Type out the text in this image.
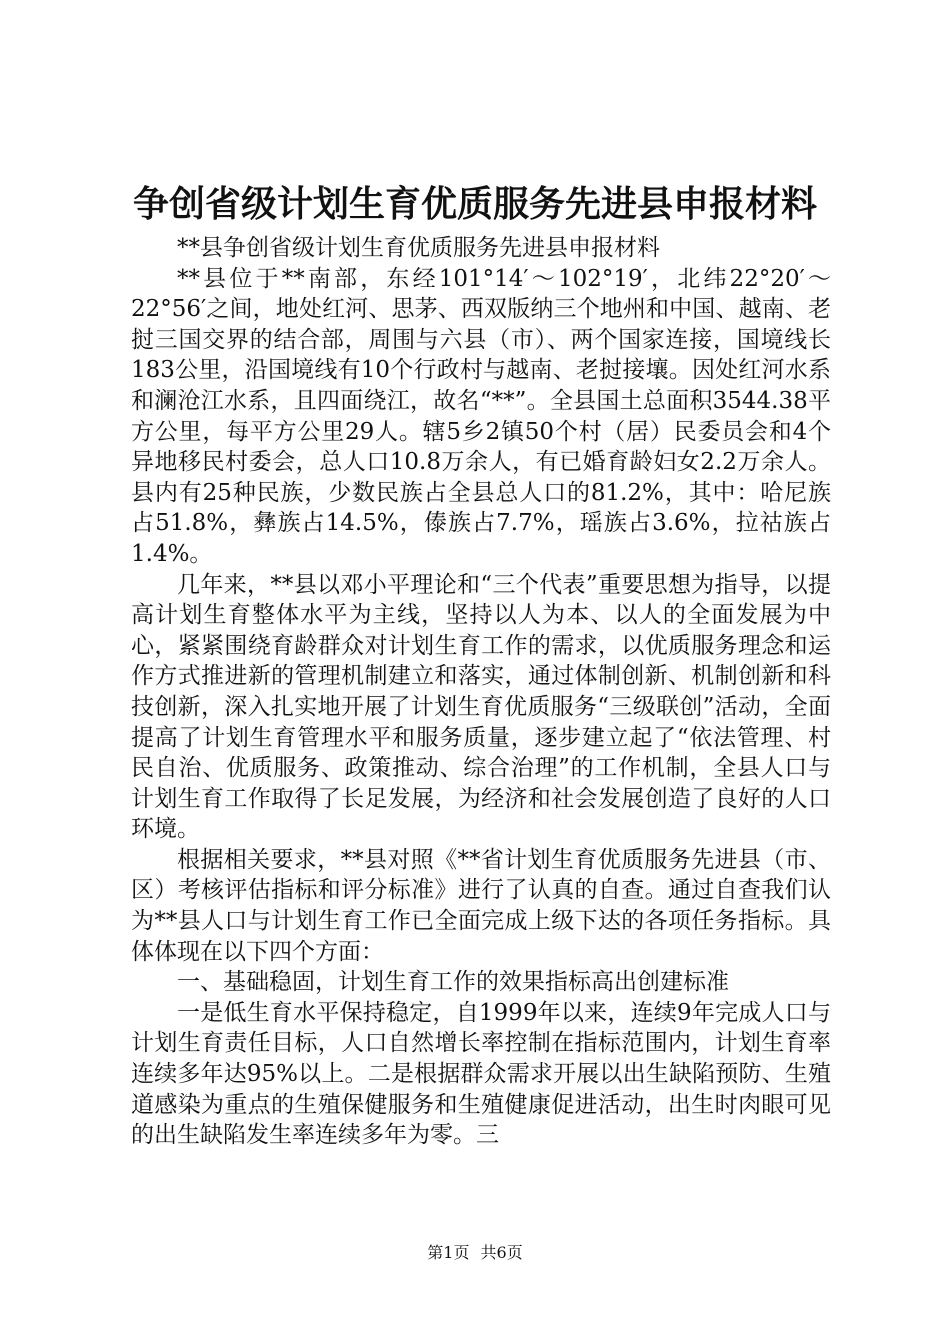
争创省级计划生育优质服务先进县申报材料

**县争创省级计划生育优质服务先进县申报材料

**县位于**南部，东经101°14′～102°19′，北纬22°20′～22°56′之间，地处红河、思茅、西双版纳三个地州和中国、越南、老挝三国交界的结合部，周围与六县（市）、两个国家连接，国境线长183公里，沿国境线有10个行政村与越南、老挝接壤。因处红河水系和澜沧江水系，且四面绕江，故名“**”。全县国土总面积3544.38平方公里，每平方公里29人。辖5乡2镇50个村（居）民委员会和4个异地移民村委会，总人口10.8万余人，有已婚育龄妇女2.2万余人。县内有25种民族，少数民族占全县总人口的81.2%，其中：哈尼族占51.8%，彝族占14.5%，傣族占7.7%，瑶族占3.6%，拉祜族占1.4%。

几年来，**县以邓小平理论和“三个代表”重要思想为指导，以提高计划生育整体水平为主线，坚持以人为本、以人的全面发展为中心，紧紧围绕育龄群众对计划生育工作的需求，以优质服务理念和运作方式推进新的管理机制建立和落实，通过体制创新、机制创新和科技创新，深入扎实地开展了计划生育优质服务“三级联创”活动，全面提高了计划生育管理水平和服务质量，逐步建立起了“依法管理、村民自治、优质服务、政策推动、综合治理”的工作机制，全县人口与计划生育工作取得了长足发展，为经济和社会发展创造了良好的人口环境。

根据相关要求，**县对照《**省计划生育优质服务先进县（市、区）考核评估指标和评分标准》进行了认真的自查。通过自查我们认为**县人口与计划生育工作已全面完成上级下达的各项任务指标。具体体现在以下四个方面：

一、基础稳固，计划生育工作的效果指标高出创建标准

一是低生育水平保持稳定，自1999年以来，连续9年完成人口与计划生育责任目标，人口自然增长率控制在指标范围内，计划生育率连续多年达95%以上。二是根据群众需求开展以出生缺陷预防、生殖道感染为重点的生殖保健服务和生殖健康促进活动，出生时肉眼可见的出生缺陷发生率连续多年为零。三

第1页 共6页
